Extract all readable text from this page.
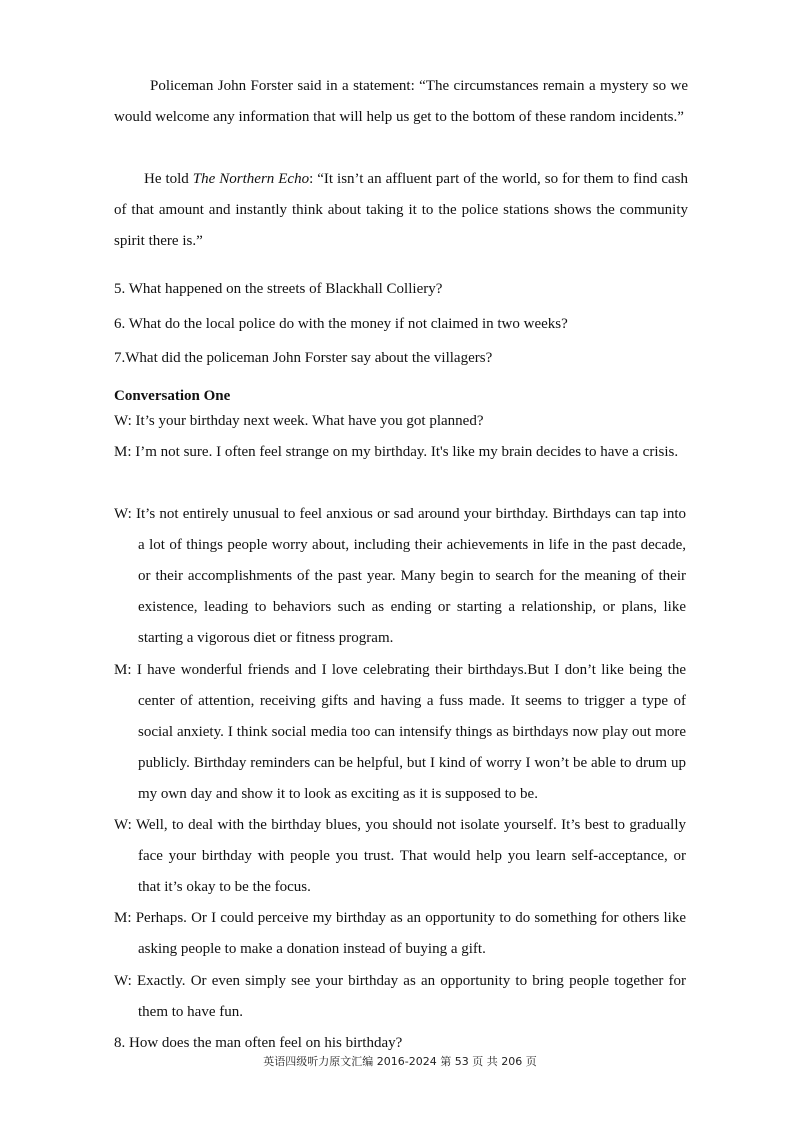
Policeman John Forster said in a statement: “The circumstances remain a mystery so we would welcome any information that will help us get to the bottom of these random incidents.”

He told The Northern Echo: “It isn’t an affluent part of the world, so for them to find cash of that amount and instantly think about taking it to the police stations shows the community spirit there is.”

5. What happened on the streets of Blackhall Colliery?

6. What do the local police do with the money if not claimed in two weeks?

7.What did the policeman John Forster say about the villagers?

Conversation One

W: It’s your birthday next week. What have you got planned?

M: I’m not sure. I often feel strange on my birthday. It's like my brain decides to have a crisis.

W: It’s not entirely unusual to feel anxious or sad around your birthday. Birthdays can tap into a lot of things people worry about, including their achievements in life in the past decade, or their accomplishments of the past year. Many begin to search for the meaning of their existence, leading to behaviors such as ending or starting a relationship, or plans, like starting a vigorous diet or fitness program.

M: I have wonderful friends and I love celebrating their birthdays.But I don’t like being the center of attention, receiving gifts and having a fuss made. It seems to trigger a type of social anxiety. I think social media too can intensify things as birthdays now play out more publicly. Birthday reminders can be helpful, but I kind of worry I won’t be able to drum up my own day and show it to look as exciting as it is supposed to be.

W: Well, to deal with the birthday blues, you should not isolate yourself. It’s best to gradually face your birthday with people you trust. That would help you learn self-acceptance, or that it’s okay to be the focus.

M: Perhaps. Or I could perceive my birthday as an opportunity to do something for others like asking people to make a donation instead of buying a gift.

W: Exactly. Or even simply see your birthday as an opportunity to bring people together for them to have fun.

8. How does the man often feel on his birthday?

英语四级听力原文汇编 2016-2024 第 53 页 共 206 页
